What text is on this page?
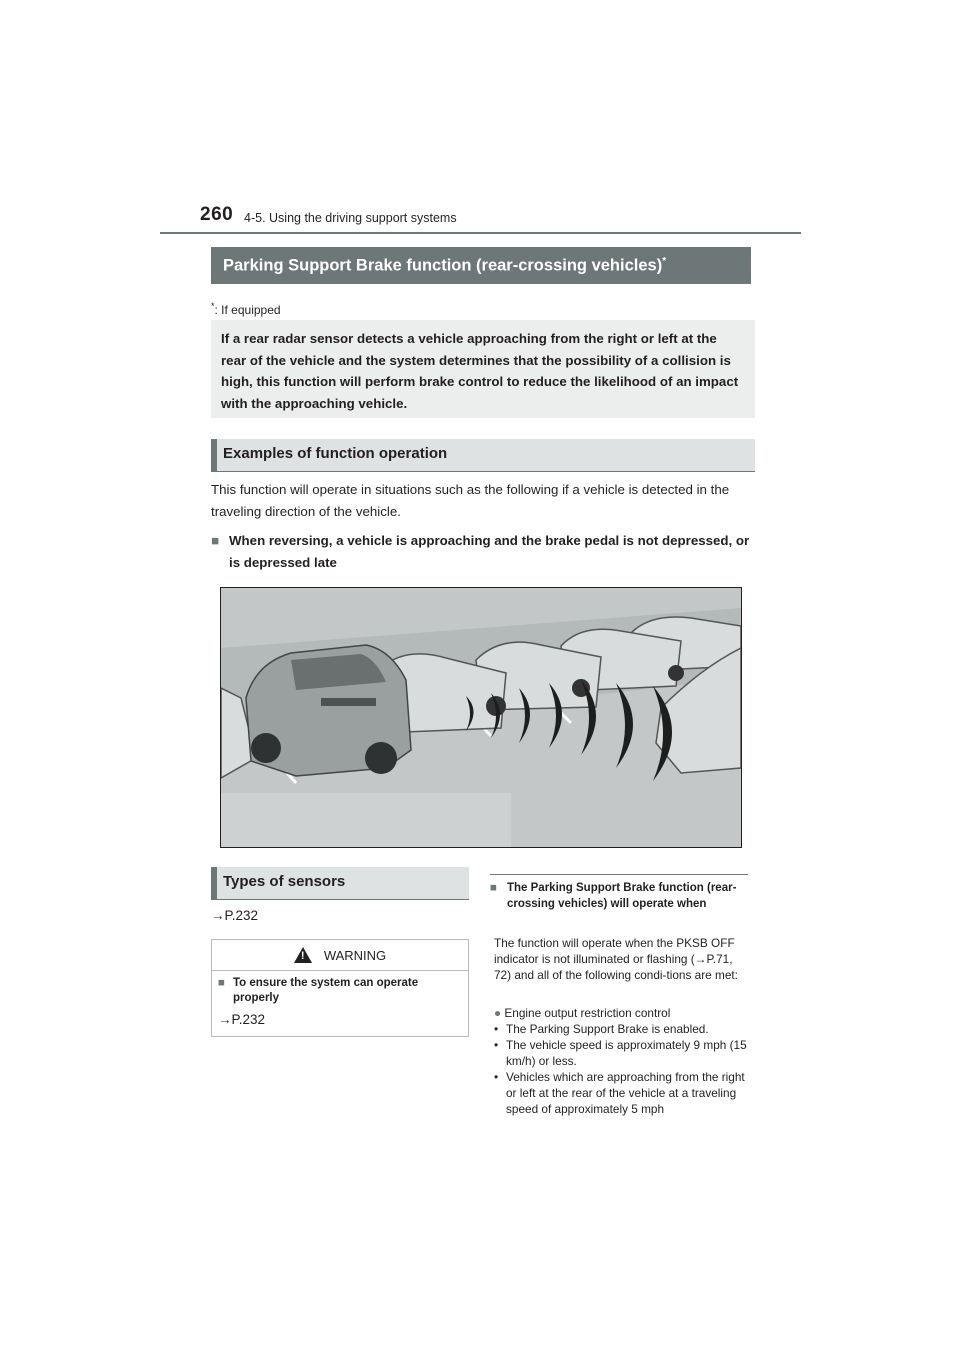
260 4-5. Using the driving support systems
Parking Support Brake function (rear-crossing vehicles)*
*: If equipped
If a rear radar sensor detects a vehicle approaching from the right or left at the rear of the vehicle and the system determines that the possibility of a collision is high, this function will perform brake control to reduce the likelihood of an impact with the approaching vehicle.
Examples of function operation
This function will operate in situations such as the following if a vehicle is detected in the traveling direction of the vehicle.
■ When reversing, a vehicle is approaching and the brake pedal is not depressed, or is depressed late
Types of sensors
→P.232
! WARNING
■ To ensure the system can operate properly
→P.232
■ The Parking Support Brake function (rear-crossing vehicles) will operate when
The function will operate when the PKSB OFF indicator is not illuminated or flashing (→P.71, 72) and all of the following condi-tions are met:
● Engine output restriction control
• The Parking Support Brake is enabled.
• The vehicle speed is approximately 9 mph (15 km/h) or less.
• Vehicles which are approaching from the right or left at the rear of the vehicle at a traveling speed of approximately 5 mph
